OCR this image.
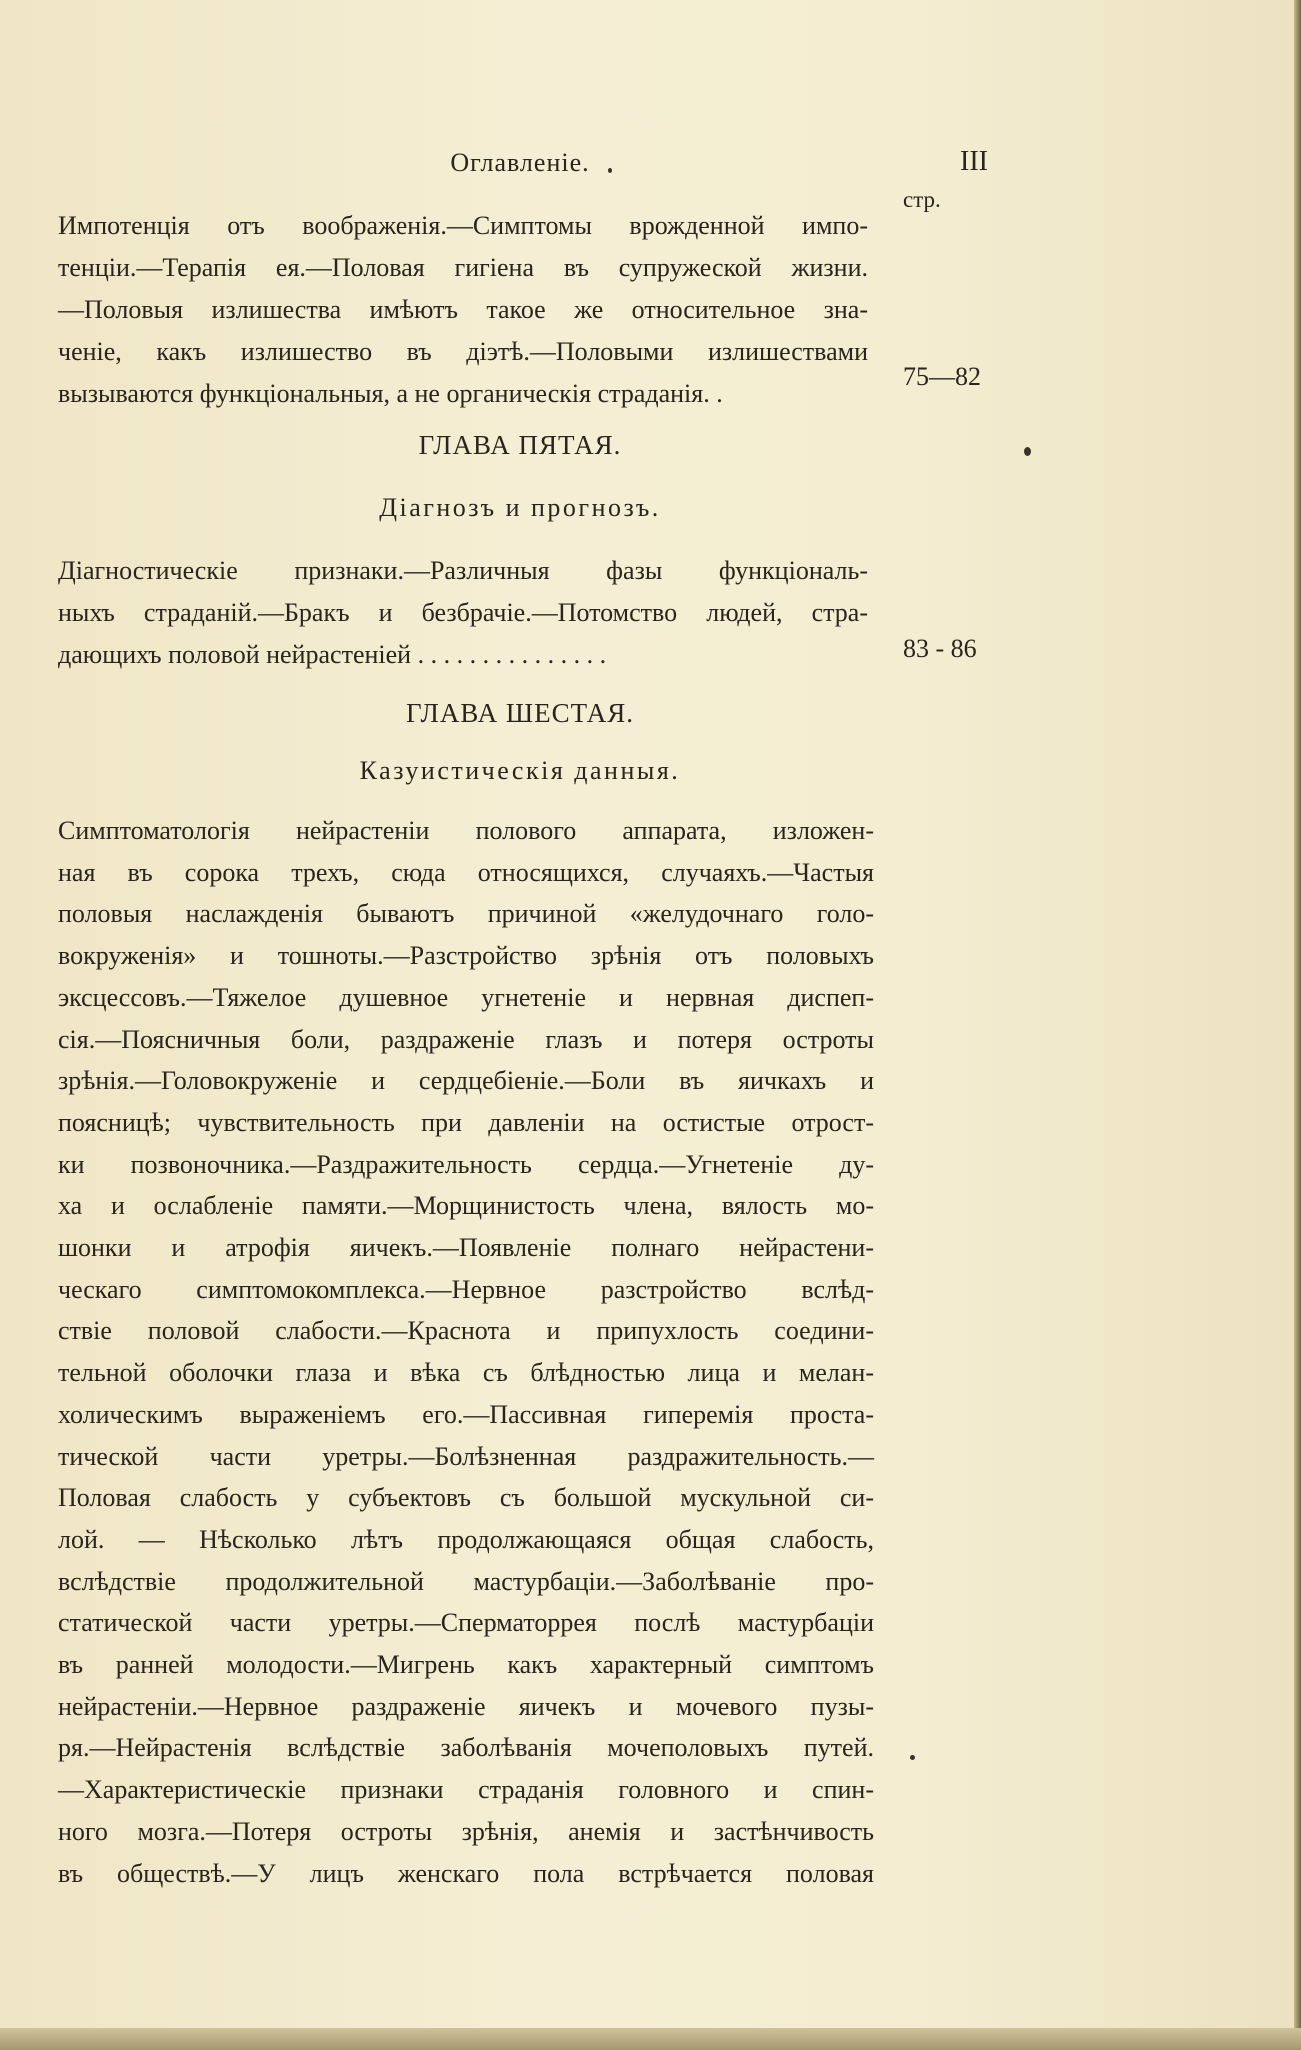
Оглавленіе.	III
стр.
Импотенція отъ воображенія.—Симптомы врожденной импо-
тенціи.—Терапія ея.—Половая гигіена въ супружеской жизни.
—Половыя излишества имѣютъ такое же относительное зна-
ченіе, какъ излишество въ діэтѣ.—Половыми излишествами
вызываются функціональныя, а не органическія страданія. .
75—82
ГЛАВА ПЯТАЯ.
Діагнозъ и прогнозъ.
Діагностическіе признаки.—Различныя фазы функціональ-
ныхъ страданій.—Бракъ и безбрачіе.—Потомство людей, стра-
дающихъ половой нейрастеніей . . . . . . . . . . . . . . .	83 - 86
ГЛАВА ШЕСТАЯ.
Казуистическія данныя.
Симптоматологія нейрастеніи полового аппарата, изложен-
ная въ сорока трехъ, сюда относящихся, случаяхъ.—Частыя
половыя наслажденія бываютъ причиной «желудочнаго голо-
вокруженія» и тошноты.—Разстройство зрѣнія отъ половыхъ
эксцессовъ.—Тяжелое душевное угнетеніе и нервная диспеп-
сія.—Поясничныя боли, раздраженіе глазъ и потеря остроты
зрѣнія.—Головокруженіе и сердцебіеніе.—Боли въ яичкахъ и
поясницѣ; чувствительность при давленіи на остистые отрост-
ки позвоночника.—Раздражительность сердца.—Угнетеніе ду-
ха и ослабленіе памяти.—Морщинистость члена, вялость мо-
шонки и атрофія яичекъ.—Появленіе полнаго нейрастени-
ческаго симптомокомплекса.—Нервное разстройство вслѣд-
ствіе половой слабости.—Краснота и припухлость соедини-
тельной оболочки глаза и вѣка съ блѣдностью лица и мелан-
холическимъ выраженіемъ его.—Пассивная гиперемія проста-
тической части уретры.—Болѣзненная раздражительность.—
Половая слабость у субъектовъ съ большой мускульной си-
лой. — Нѣсколько лѣтъ продолжающаяся общая слабость,
вслѣдствіе продолжительной мастурбаціи.—Заболѣваніе про-
статической части уретры.—Сперматоррея послѣ мастурбаціи
въ ранней молодости.—Мигрень какъ характерный симптомъ
нейрастеніи.—Нервное раздраженіе яичекъ и мочевого пузы-
ря.—Нейрастенія вслѣдствіе заболѣванія мочеполовыхъ путей.
—Характеристическіе признаки страданія головного и спин-
ного мозга.—Потеря остроты зрѣнія, анемія и застѣнчивость
въ обществѣ.—У лицъ женскаго пола встрѣчается половая
